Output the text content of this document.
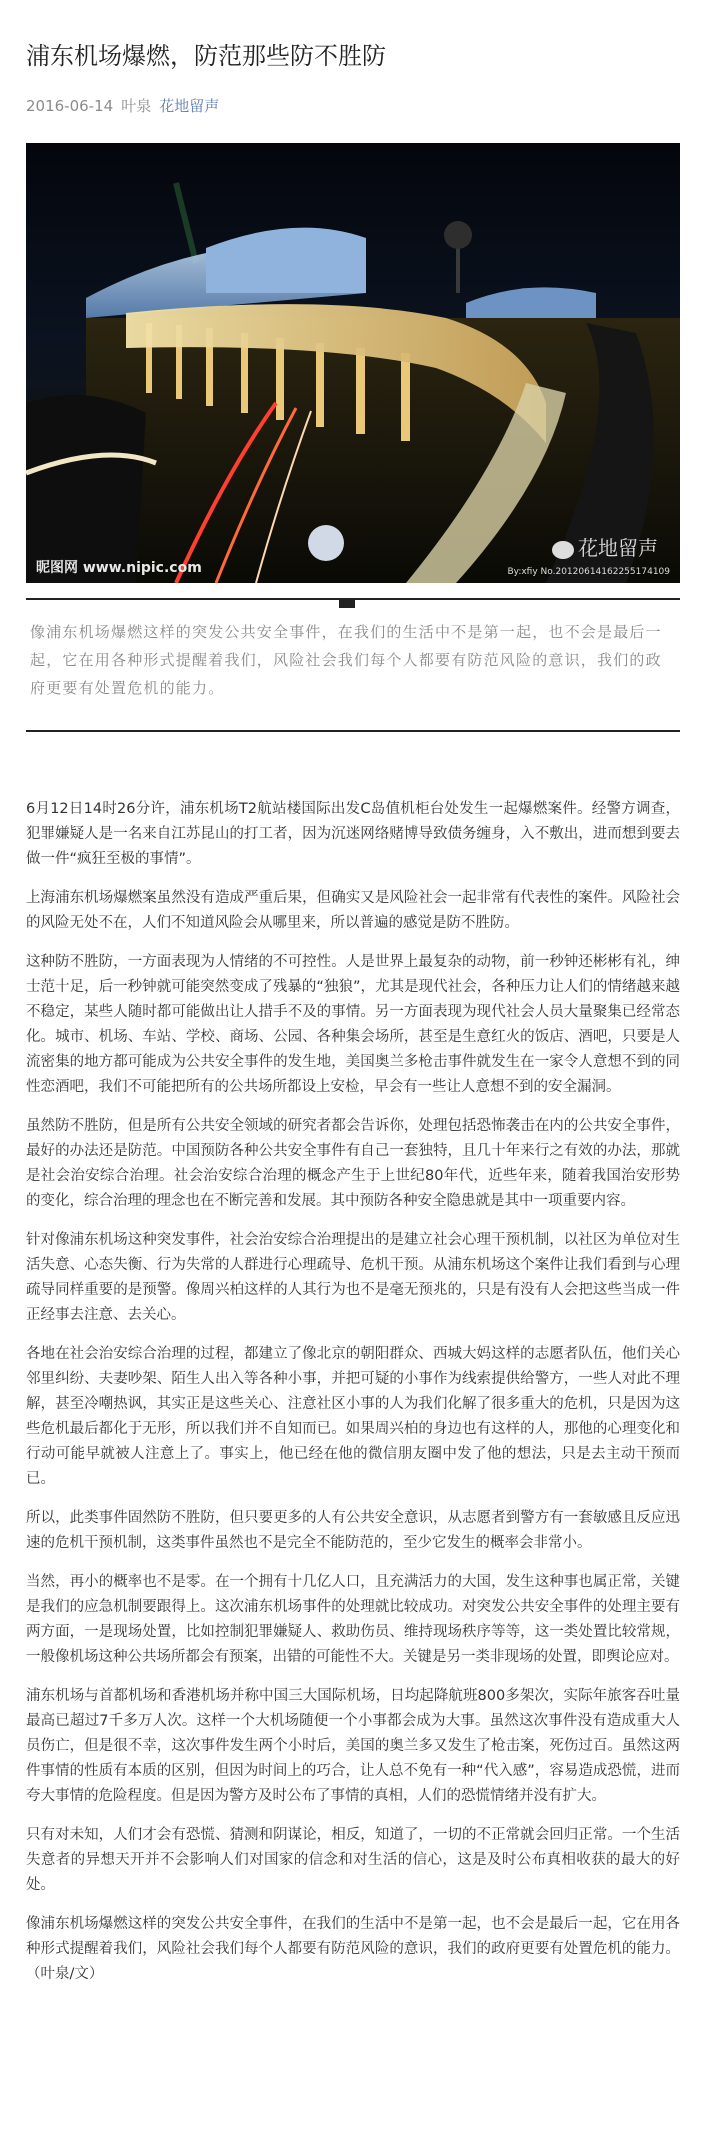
浦东机场爆燃，防范那些防不胜防
2016-06-14 叶泉 花地留声
昵图网 www.nipic.com
花地留声
By:xfiy No.20120614162255174109

像浦东机场爆燃这样的突发公共安全事件，在我们的生活中不是第一起，也不会是最后一起，它在用各种形式提醒着我们，风险社会我们每个人都要有防范风险的意识，我们的政府更要有处置危机的能力。

6月12日14时26分许，浦东机场T2航站楼国际出发C岛值机柜台处发生一起爆燃案件。经警方调查，犯罪嫌疑人是一名来自江苏昆山的打工者，因为沉迷网络赌博导致债务缠身，入不敷出，进而想到要去做一件“疯狂至极的事情”。

上海浦东机场爆燃案虽然没有造成严重后果，但确实又是风险社会一起非常有代表性的案件。风险社会的风险无处不在，人们不知道风险会从哪里来，所以普遍的感觉是防不胜防。

这种防不胜防，一方面表现为人情绪的不可控性。人是世界上最复杂的动物，前一秒钟还彬彬有礼，绅士范十足，后一秒钟就可能突然变成了残暴的“独狼”，尤其是现代社会，各种压力让人们的情绪越来越不稳定，某些人随时都可能做出让人措手不及的事情。另一方面表现为现代社会人员大量聚集已经常态化。城市、机场、车站、学校、商场、公园、各种集会场所，甚至是生意红火的饭店、酒吧，只要是人流密集的地方都可能成为公共安全事件的发生地，美国奥兰多枪击事件就发生在一家令人意想不到的同性恋酒吧，我们不可能把所有的公共场所都设上安检，早会有一些让人意想不到的安全漏洞。

虽然防不胜防，但是所有公共安全领域的研究者都会告诉你，处理包括恐怖袭击在内的公共安全事件，最好的办法还是防范。中国预防各种公共安全事件有自己一套独特，且几十年来行之有效的办法，那就是社会治安综合治理。社会治安综合治理的概念产生于上世纪80年代，近些年来，随着我国治安形势的变化，综合治理的理念也在不断完善和发展。其中预防各种安全隐患就是其中一项重要内容。

针对像浦东机场这种突发事件，社会治安综合治理提出的是建立社会心理干预机制，以社区为单位对生活失意、心态失衡、行为失常的人群进行心理疏导、危机干预。从浦东机场这个案件让我们看到与心理疏导同样重要的是预警。像周兴柏这样的人其行为也不是毫无预兆的，只是有没有人会把这些当成一件正经事去注意、去关心。

各地在社会治安综合治理的过程，都建立了像北京的朝阳群众、西城大妈这样的志愿者队伍，他们关心邻里纠纷、夫妻吵架、陌生人出入等各种小事，并把可疑的小事作为线索提供给警方，一些人对此不理解，甚至冷嘲热讽，其实正是这些关心、注意社区小事的人为我们化解了很多重大的危机，只是因为这些危机最后都化于无形，所以我们并不自知而已。如果周兴柏的身边也有这样的人，那他的心理变化和行动可能早就被人注意上了。事实上，他已经在他的微信朋友圈中发了他的想法，只是去主动干预而已。

所以，此类事件固然防不胜防，但只要更多的人有公共安全意识，从志愿者到警方有一套敏感且反应迅速的危机干预机制，这类事件虽然也不是完全不能防范的，至少它发生的概率会非常小。

当然，再小的概率也不是零。在一个拥有十几亿人口，且充满活力的大国，发生这种事也属正常，关键是我们的应急机制要跟得上。这次浦东机场事件的处理就比较成功。对突发公共安全事件的处理主要有两方面，一是现场处置，比如控制犯罪嫌疑人、救助伤员、维持现场秩序等等，这一类处置比较常规，一般像机场这种公共场所都会有预案，出错的可能性不大。关键是另一类非现场的处置，即舆论应对。

浦东机场与首都机场和香港机场并称中国三大国际机场，日均起降航班800多架次，实际年旅客吞吐量最高已超过7千多万人次。这样一个大机场随便一个小事都会成为大事。虽然这次事件没有造成重大人员伤亡，但是很不幸，这次事件发生两个小时后，美国的奥兰多又发生了枪击案，死伤过百。虽然这两件事情的性质有本质的区别，但因为时间上的巧合，让人总不免有一种“代入感”，容易造成恐慌，进而夸大事情的危险程度。但是因为警方及时公布了事情的真相，人们的恐慌情绪并没有扩大。

只有对未知，人们才会有恐慌、猜测和阴谋论，相反，知道了，一切的不正常就会回归正常。一个生活失意者的异想天开并不会影响人们对国家的信念和对生活的信心，这是及时公布真相收获的最大的好处。

像浦东机场爆燃这样的突发公共安全事件，在我们的生活中不是第一起，也不会是最后一起，它在用各种形式提醒着我们，风险社会我们每个人都要有防范风险的意识，我们的政府更要有处置危机的能力。（叶泉/文）
